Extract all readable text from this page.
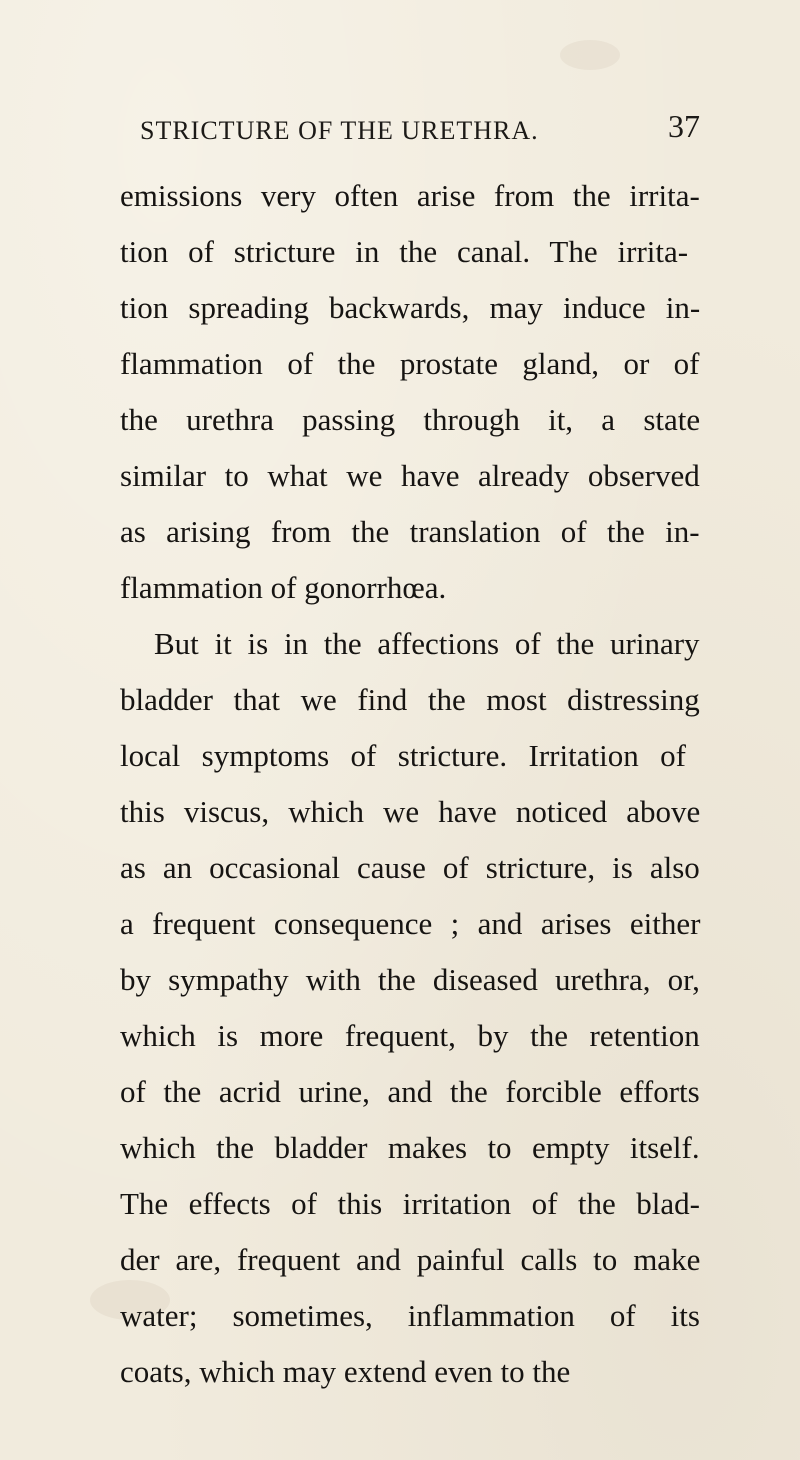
STRICTURE OF THE URETHRA.	37
emissions very often arise from the irrita-
tion of stricture in the canal. The irrita-
tion spreading backwards, may induce in-
flammation of the prostate gland, or of
the urethra passing through it, a state
similar to what we have already observed
as arising from the translation of the in-
flammation of gonorrhœa.
But it is in the affections of the urinary
bladder that we find the most distressing
local symptoms of stricture. Irritation of
this viscus, which we have noticed above
as an occasional cause of stricture, is also
a frequent consequence ; and arises either
by sympathy with the diseased urethra, or,
which is more frequent, by the retention
of the acrid urine, and the forcible efforts
which the bladder makes to empty itself.
The effects of this irritation of the blad-
der are, frequent and painful calls to make
water; sometimes, inflammation of its
coats, which may extend even to the
